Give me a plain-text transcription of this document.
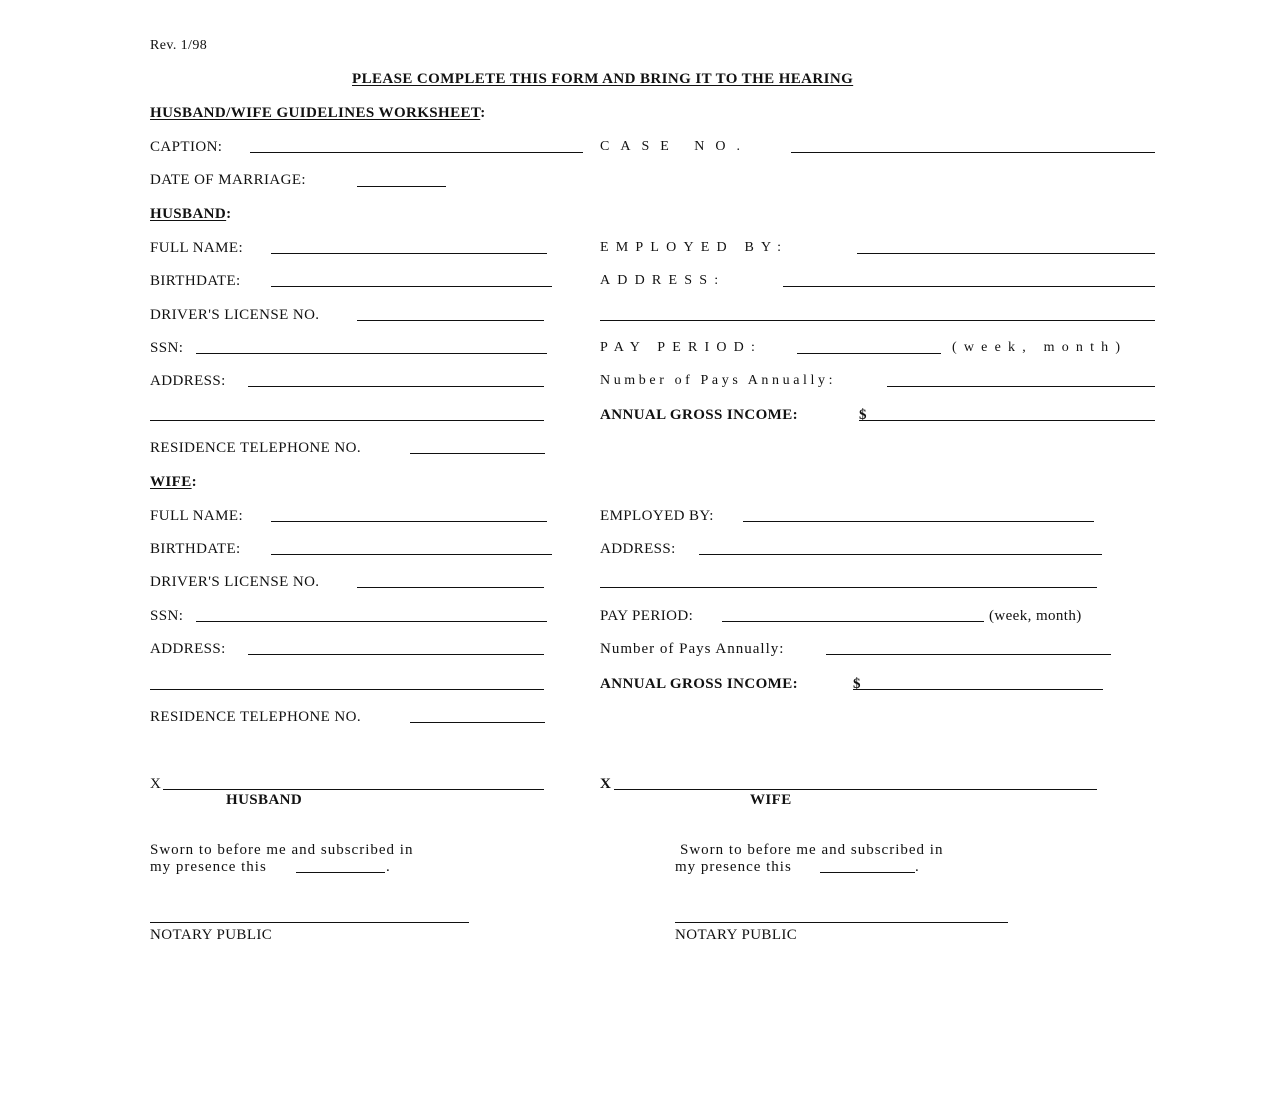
Rev. 1/98
PLEASE COMPLETE THIS FORM AND BRING IT TO THE HEARING
HUSBAND/WIFE GUIDELINES WORKSHEET:
CAPTION:	CASE NO.
DATE OF MARRIAGE:
HUSBAND:
FULL NAME:	EMPLOYED BY:
BIRTHDATE:	ADDRESS:
DRIVER'S LICENSE NO.
SSN:	PAY PERIOD:	(week, month)
ADDRESS:	Number of Pays Annually:
ANNUAL GROSS INCOME:	$
RESIDENCE TELEPHONE NO.
WIFE:
FULL NAME:	EMPLOYED BY:
BIRTHDATE:	ADDRESS:
DRIVER'S LICENSE NO.
SSN:	PAY PERIOD:	(week, month)
ADDRESS:	Number of Pays Annually:
ANNUAL GROSS INCOME:	$
RESIDENCE TELEPHONE NO.
X
HUSBAND
X
WIFE
Sworn to before me and subscribed in
my presence this	.
NOTARY PUBLIC
Sworn to before me and subscribed in
my presence this	.
NOTARY PUBLIC
